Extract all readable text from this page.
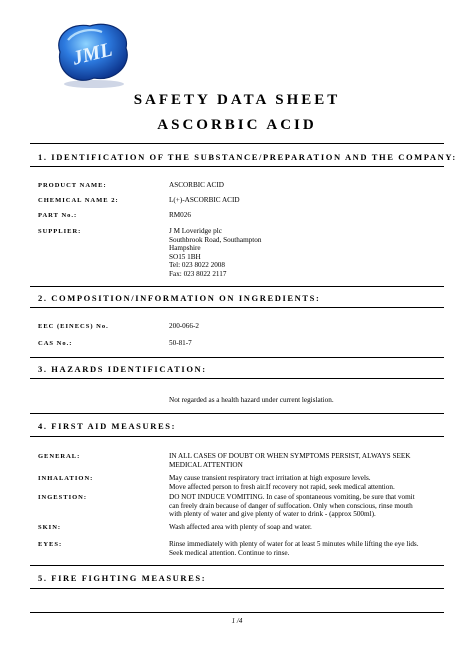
JML
SAFETY DATA SHEET
ASCORBIC ACID
1. IDENTIFICATION OF THE SUBSTANCE/PREPARATION AND THE COMPANY:
PRODUCT NAME:	ASCORBIC ACID
CHEMICAL NAME 2:	L(+)-ASCORBIC ACID
PART No.:	RM026
SUPPLIER:	J M Loveridge plc
Southbrook Road, Southampton
Hampshire
SO15 1BH
Tel: 023 8022 2008
Fax: 023 8022 2117
2. COMPOSITION/INFORMATION ON INGREDIENTS:
EEC (EINECS) No.	200-066-2
CAS No.:	50-81-7
3. HAZARDS IDENTIFICATION:
Not regarded as a health hazard under current legislation.
4. FIRST AID MEASURES:
GENERAL:	IN ALL CASES OF DOUBT OR WHEN SYMPTOMS PERSIST, ALWAYS SEEK
MEDICAL ATTENTION
INHALATION:	May cause transient respiratory tract irritation at high exposure levels.
Move affected person to fresh air.If recovery not rapid, seek medical attention.
INGESTION:	DO NOT INDUCE VOMITING. In case of spontaneous vomiting, be sure that vomit
can freely drain because of danger of suffocation. Only when conscious, rinse mouth
with plenty of water and give plenty of water to drink - (approx 500ml).
SKIN:	Wash affected area with plenty of soap and water.
EYES:	Rinse immediately with plenty of water for at least 5 minutes while lifting the eye lids.
Seek medical attention. Continue to rinse.
5. FIRE FIGHTING MEASURES:
1 /4
